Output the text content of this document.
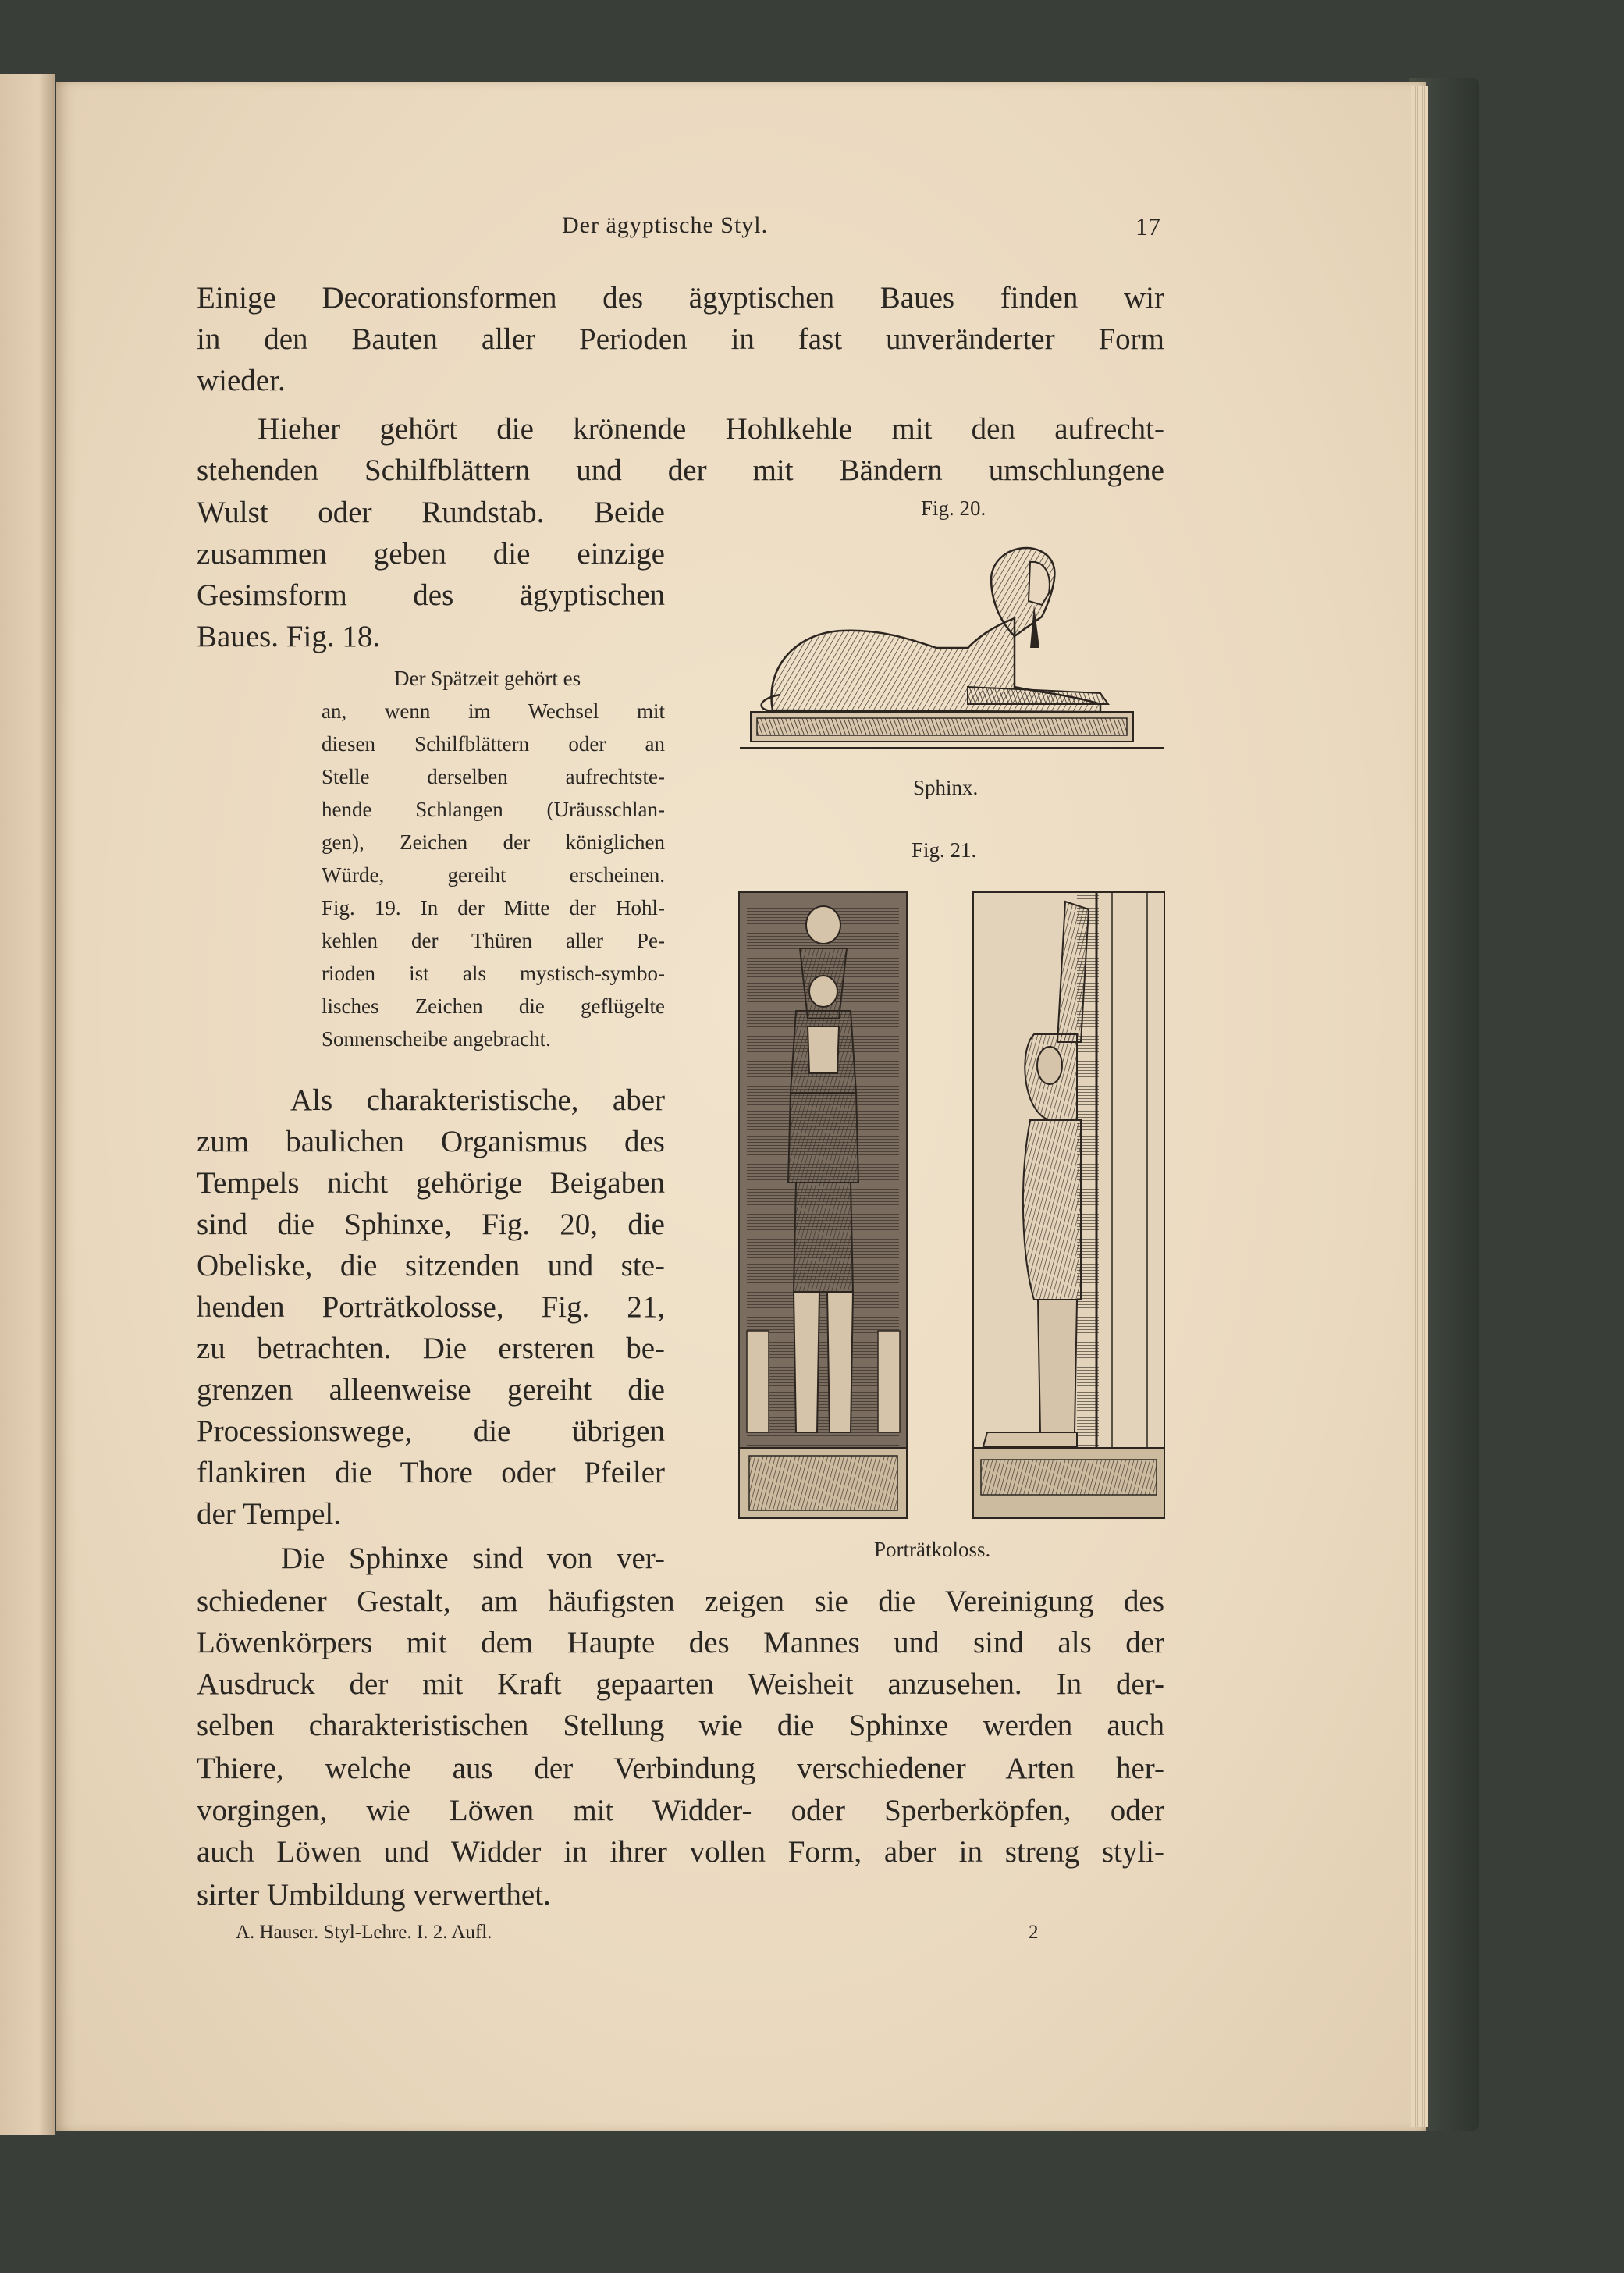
Der ägyptische Styl.	17
Einige Decorationsformen des ägyptischen Baues finden wir
in den Bauten aller Perioden in fast unveränderter Form
wieder.
Hieher gehört die krönende Hohlkehle mit den aufrecht-
stehenden Schilfblättern und der mit Bändern umschlungene
Wulst oder Rundstab. Beide
zusammen geben die einzige
Gesimsform des ägyptischen
Baues. Fig. 18.
Der Spätzeit gehört es
an, wenn im Wechsel mit
diesen Schilfblättern oder an
Stelle derselben aufrechtste-
hende Schlangen (Uräusschlan-
gen), Zeichen der königlichen
Würde, gereiht erscheinen.
Fig. 19. In der Mitte der Hohl-
kehlen der Thüren aller Pe-
rioden ist als mystisch-symbo-
lisches Zeichen die geflügelte
Sonnenscheibe angebracht.
Als charakteristische, aber
zum baulichen Organismus des
Tempels nicht gehörige Beigaben
sind die Sphinxe, Fig. 20, die
Obeliske, die sitzenden und ste-
henden Porträtkolosse, Fig. 21,
zu betrachten. Die ersteren be-
grenzen alleenweise gereiht die
Processionswege, die übrigen
flankiren die Thore oder Pfeiler
der Tempel.
Die Sphinxe sind von ver-
schiedener Gestalt, am häufigsten zeigen sie die Vereinigung des
Löwenkörpers mit dem Haupte des Mannes und sind als der
Ausdruck der mit Kraft gepaarten Weisheit anzusehen. In der-
selben charakteristischen Stellung wie die Sphinxe werden auch
Thiere, welche aus der Verbindung verschiedener Arten her-
vorgingen, wie Löwen mit Widder- oder Sperberköpfen, oder
auch Löwen und Widder in ihrer vollen Form, aber in streng styli-
sirter Umbildung verwerthet.
Fig. 20.
Sphinx.
Fig. 21.
Porträtkoloss.
A. Hauser. Styl-Lehre. I. 2. Aufl.	2
